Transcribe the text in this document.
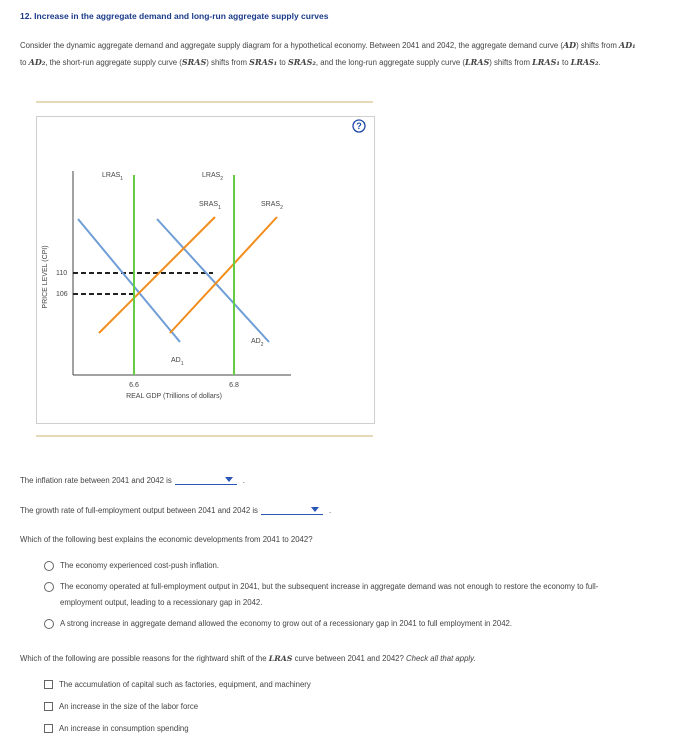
12. Increase in the aggregate demand and long-run aggregate supply curves
Consider the dynamic aggregate demand and aggregate supply diagram for a hypothetical economy. Between 2041 and 2042, the aggregate demand curve (AD) shifts from AD₁ to AD₂, the short-run aggregate supply curve (SRAS) shifts from SRAS₁ to SRAS₂, and the long-run aggregate supply curve (LRAS) shifts from LRAS₁ to LRAS₂.
PRICE LEVEL (CPI) 110
106
$LRAS_1$	$LRAS_2$
$SRAS_1$	$SRAS_2$
$AD_1$
$AD_2$
6.6	6.8
REAL GDP (Trillions of dollars)
?
The inflation rate between 2041 and 2042 is	.
The growth rate of full-employment output between 2041 and 2042 is	.
Which of the following best explains the economic developments from 2041 to 2042?
The economy experienced cost-push inflation.
The economy operated at full-employment output in 2041, but the subsequent increase in aggregate demand was not enough to restore the economy to full-employment output, leading to a recessionary gap in 2042.
A strong increase in aggregate demand allowed the economy to grow out of a recessionary gap in 2041 to full employment in 2042.
Which of the following are possible reasons for the rightward shift of the LRAS curve between 2041 and 2042? Check all that apply.
The accumulation of capital such as factories, equipment, and machinery
An increase in the size of the labor force
An increase in consumption spending
